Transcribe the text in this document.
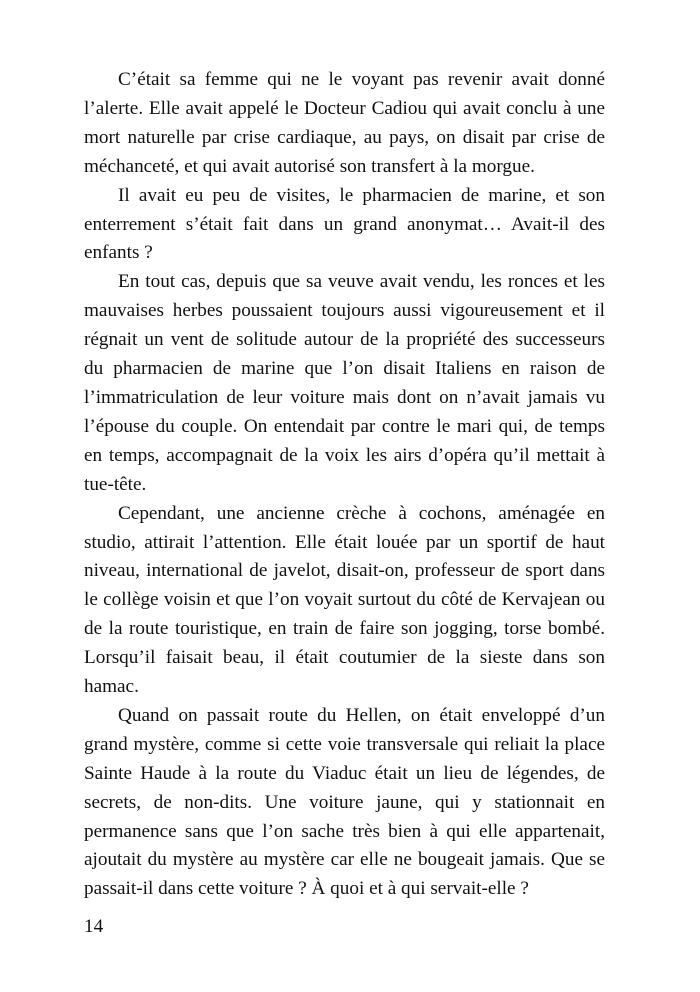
C’était sa femme qui ne le voyant pas revenir avait donné l’alerte. Elle avait appelé le Docteur Cadiou qui avait conclu à une mort naturelle par crise cardiaque, au pays, on disait par crise de méchanceté, et qui avait autorisé son transfert à la morgue.

Il avait eu peu de visites, le pharmacien de marine, et son enterrement s’était fait dans un grand anonymat… Avait-il des enfants ?

En tout cas, depuis que sa veuve avait vendu, les ronces et les mauvaises herbes poussaient toujours aussi vigoureusement et il régnait un vent de solitude autour de la propriété des successeurs du pharmacien de marine que l’on disait Italiens en raison de l’immatriculation de leur voiture mais dont on n’avait jamais vu l’épouse du couple. On entendait par contre le mari qui, de temps en temps, accompagnait de la voix les airs d’opéra qu’il mettait à tue-tête.

Cependant, une ancienne crèche à cochons, aménagée en studio, attirait l’attention. Elle était louée par un sportif de haut niveau, international de javelot, disait-on, professeur de sport dans le collège voisin et que l’on voyait surtout du côté de Kervajean ou de la route touristique, en train de faire son jogging, torse bombé. Lorsqu’il faisait beau, il était coutumier de la sieste dans son hamac.

Quand on passait route du Hellen, on était enveloppé d’un grand mystère, comme si cette voie transversale qui reliait la place Sainte Haude à la route du Viaduc était un lieu de légendes, de secrets, de non-dits. Une voiture jaune, qui y stationnait en permanence sans que l’on sache très bien à qui elle appartenait, ajoutait du mystère au mystère car elle ne bougeait jamais. Que se passait-il dans cette voiture ? À quoi et à qui servait-elle ?

14
